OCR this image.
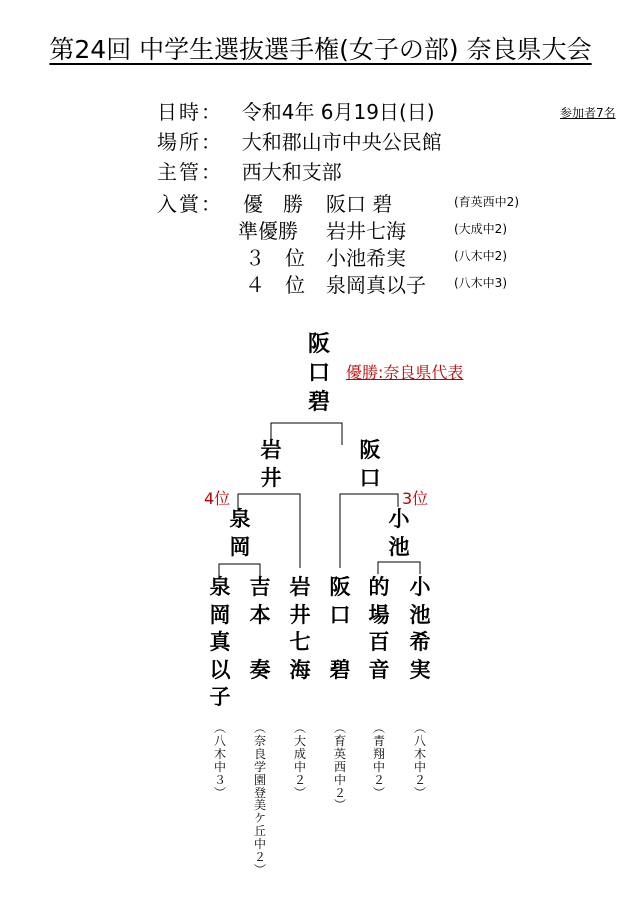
第24回 中学生選抜選手権(女子の部) 奈良県大会
参加者7名
日時： 令和4年 6月19日(日)
場所： 大和郡山市中央公民館
主管： 西大和支部
入賞： 優　勝 阪口 碧	(育英西中2)
準優勝 岩井七海	(大成中2)
３　位 小池希実	(八木中2)
４　位 泉岡真以子 (八木中3)
阪
口
碧
優勝:奈良県代表
岩
井
阪
口
4位	3位
泉
岡
小
池
泉
岡
真
以
子
吉
本
奏
岩
井
七
海
阪
口
碧
的
場
百
音
小
池
希
実
︵
八
木
中
３
︶
︵
奈
良
学
園
登
美
ケ
丘
中
２
︶
︵
大
成
中
２
︶
︵
育
英
西
中
２
︶
︵
青
翔
中
２
︶
︵
八
木
中
２
︶
